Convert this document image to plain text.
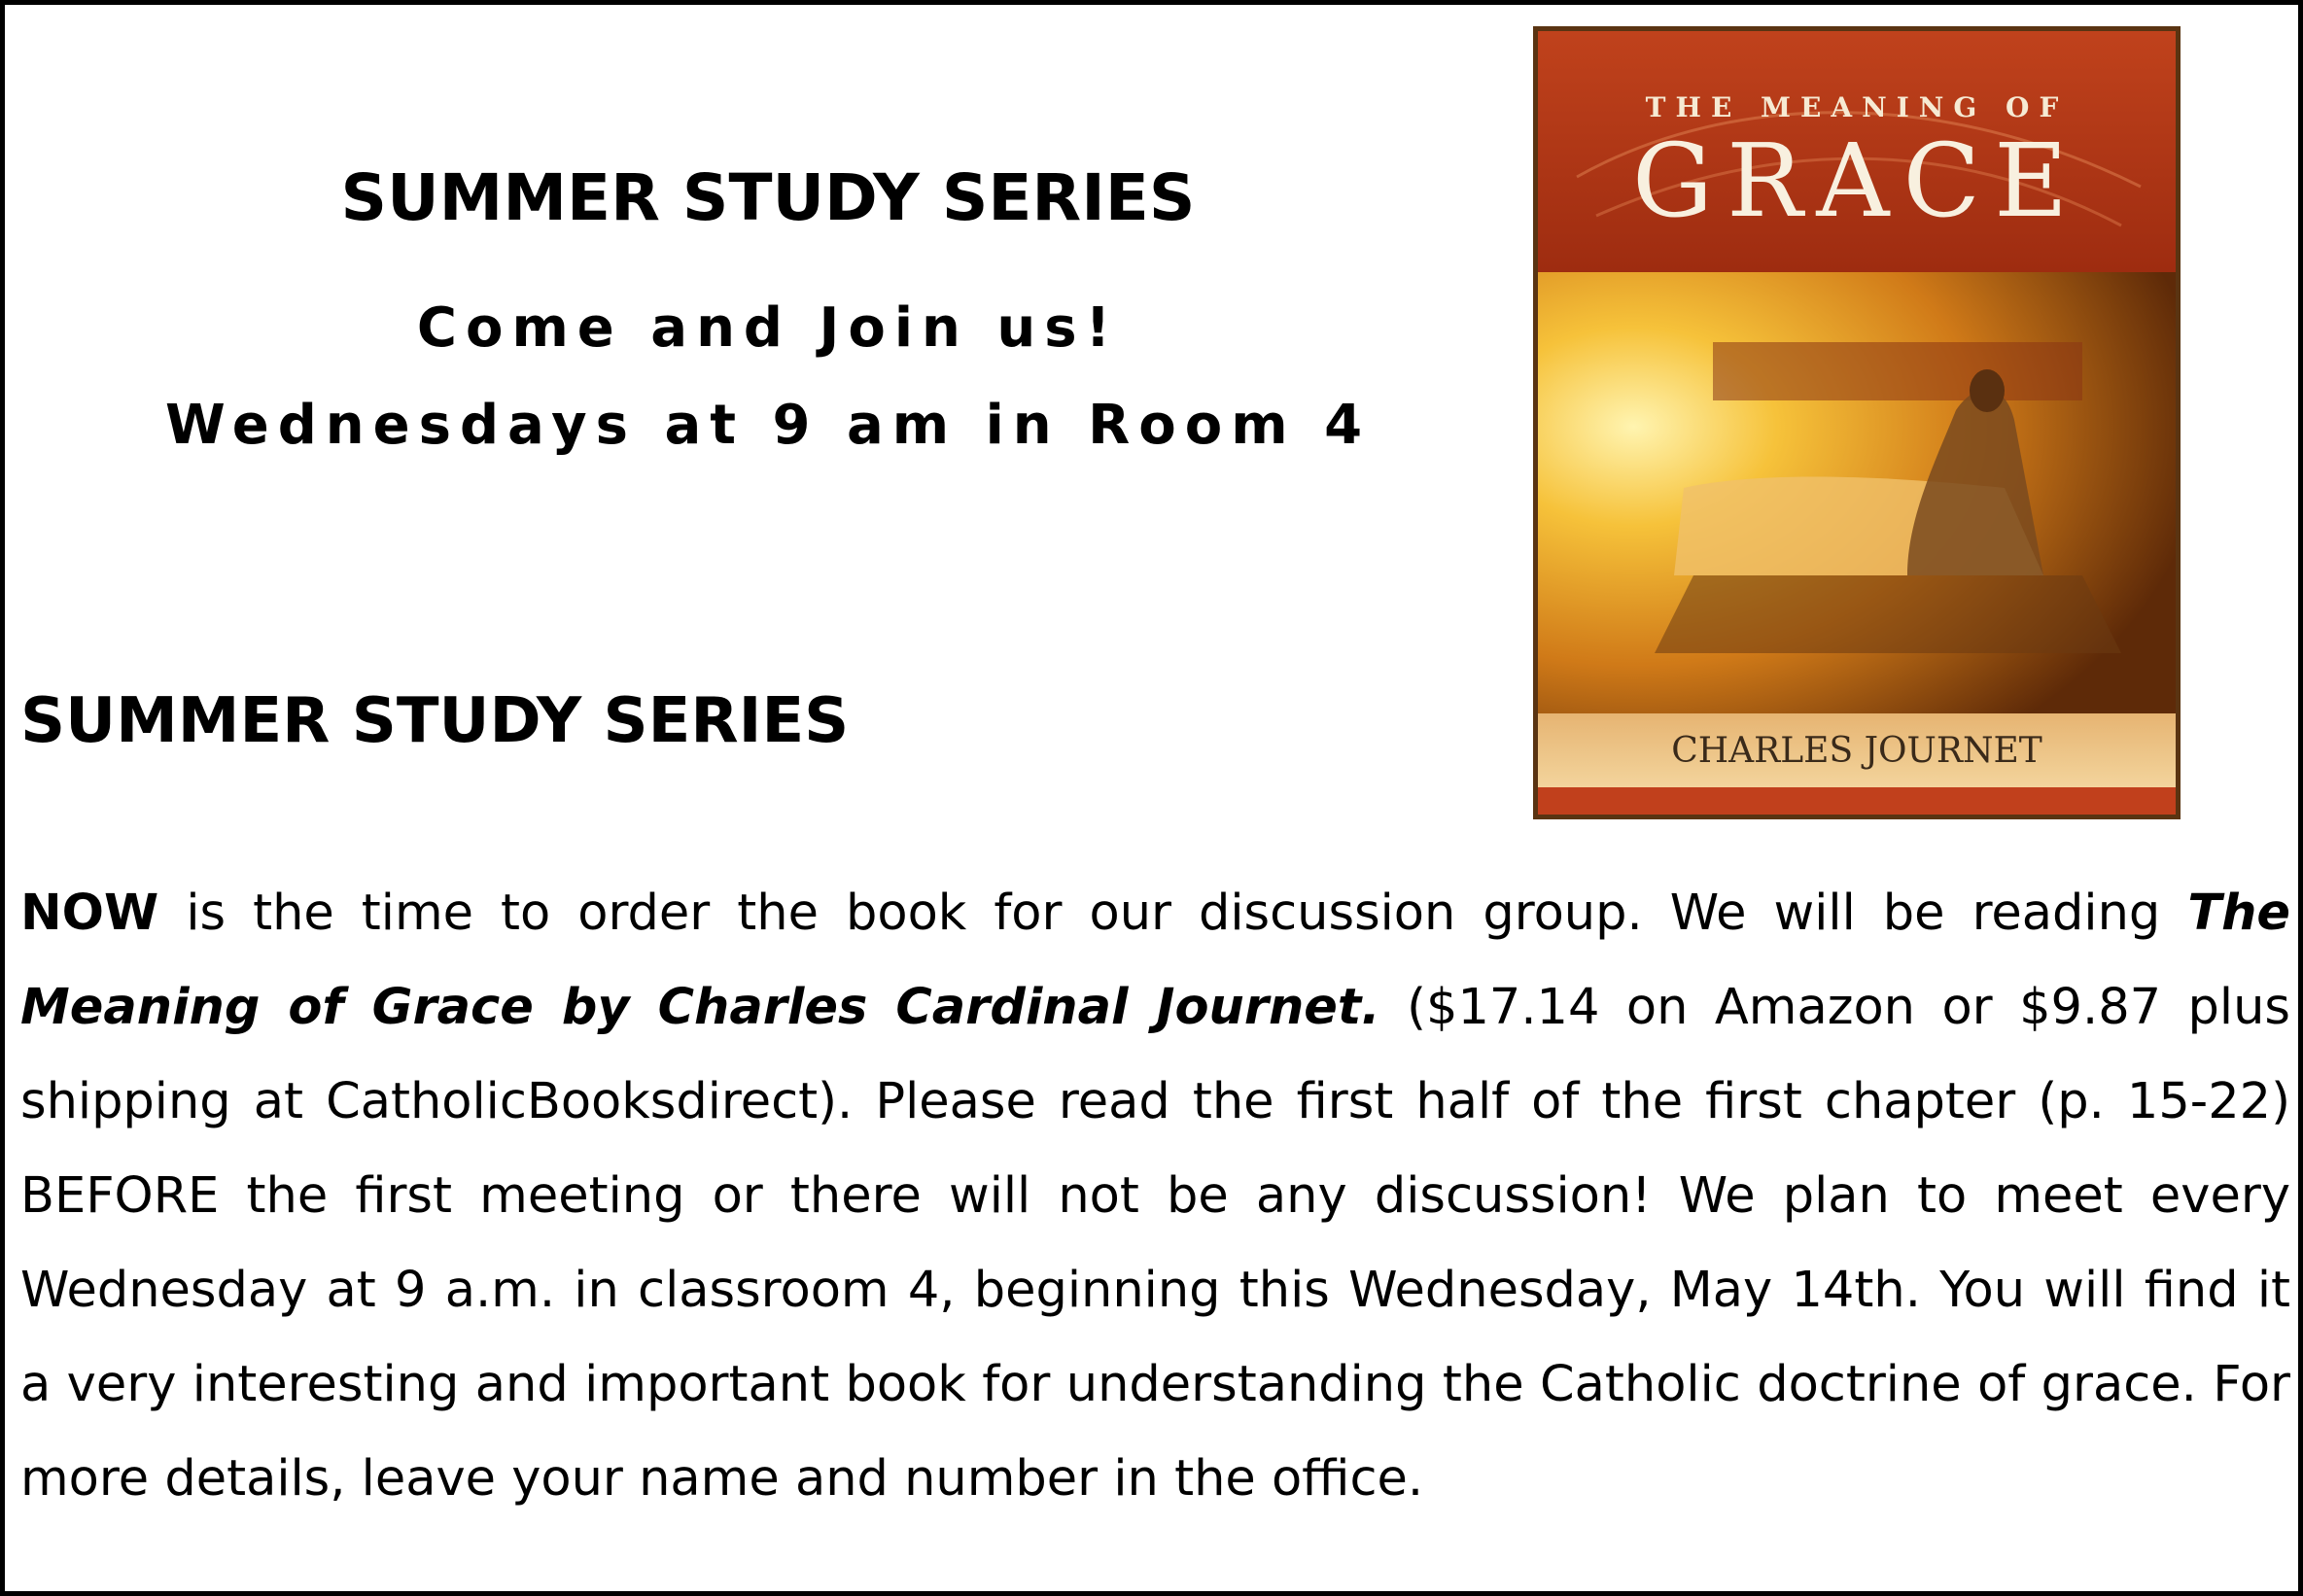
SUMMER STUDY SERIES
Come and Join us!
Wednesdays at 9 am in Room 4
SUMMER STUDY SERIES
THE MEANING OF
GRACE
CHARLES JOURNET

NOW is the time to order the book for our discussion group. We will be reading The Meaning of Grace by Charles Cardinal Journet. ($17.14 on Amazon or $9.87 plus shipping at CatholicBooksdirect). Please read the first half of the first chapter (p. 15-22) BEFORE the first meeting or there will not be any discussion! We plan to meet every Wednesday at 9 a.m. in classroom 4, beginning this Wednesday, May 14th. You will find it a very interesting and important book for understanding the Catholic doctrine of grace. For more details, leave your name and number in the office.
